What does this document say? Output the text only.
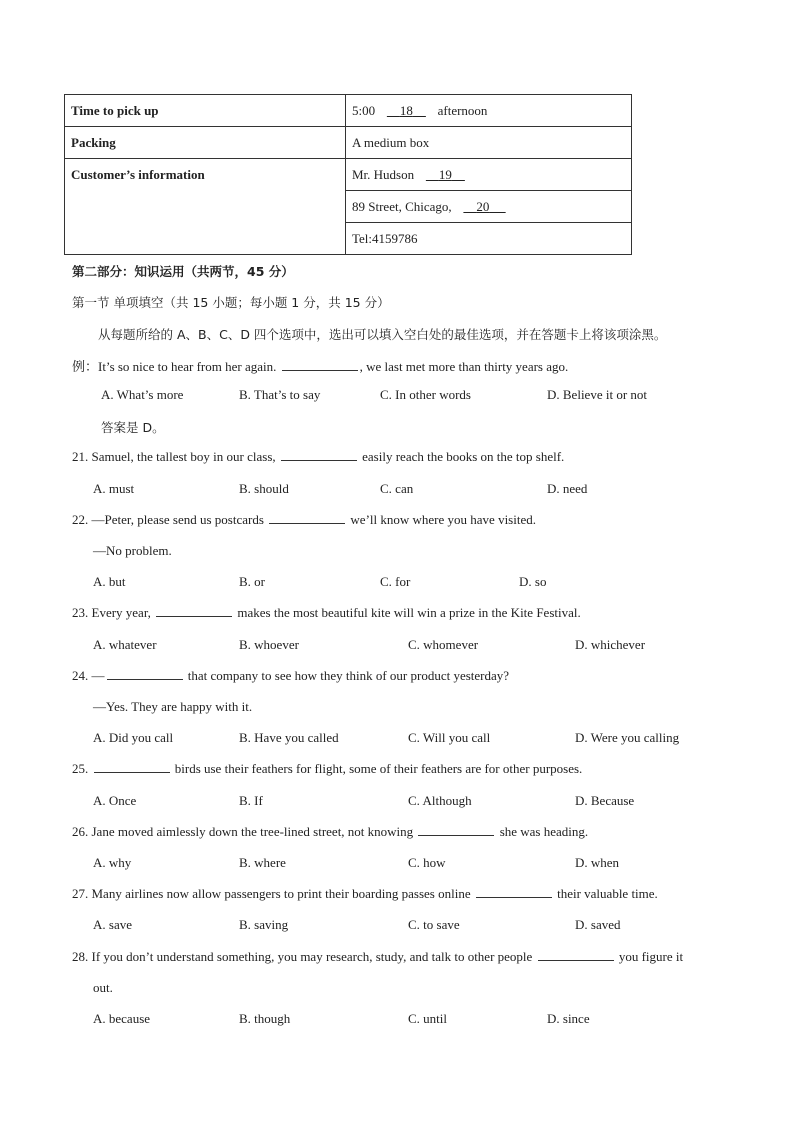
Time to pick up	5:00 18 afternoon
Packing	A medium box
Customer’s information	Mr. Hudson 19
	89 Street, Chicago, 20
	Tel:4159786
第二部分：知识运用（共两节，45 分）
第一节 单项填空（共 15 小题；每小题 1 分，共 15 分）
从每题所给的 A、B、C、D 四个选项中，选出可以填入空白处的最佳选项，并在答题卡上将该项涂黑。
例：It’s so nice to hear from her again.	, we last met more than thirty years ago.
A. What’s more	B. That’s to say	C. In other words	D. Believe it or not
答案是 D。
21. Samuel, the tallest boy in our class,	easily reach the books on the top shelf.
A. must	B. should	C. can	D. need
22. —Peter, please send us postcards	we’ll know where you have visited.
—No problem.
A. but	B. or	C. for	D. so
23. Every year,	makes the most beautiful kite will win a prize in the Kite Festival.
A. whatever	B. whoever	C. whomever	D. whichever
24. —	that company to see how they think of our product yesterday?
—Yes. They are happy with it.
A. Did you call	B. Have you called	C. Will you call	D. Were you calling
25.	birds use their feathers for flight, some of their feathers are for other purposes.
A. Once	B. If	C. Although	D. Because
26. Jane moved aimlessly down the tree-lined street, not knowing	she was heading.
A. why	B. where	C. how	D. when
27. Many airlines now allow passengers to print their boarding passes online	their valuable time.
A. save	B. saving	C. to save	D. saved
28. If you don’t understand something, you may research, study, and talk to other people	you figure it
out.
A. because	B. though	C. until	D. since
